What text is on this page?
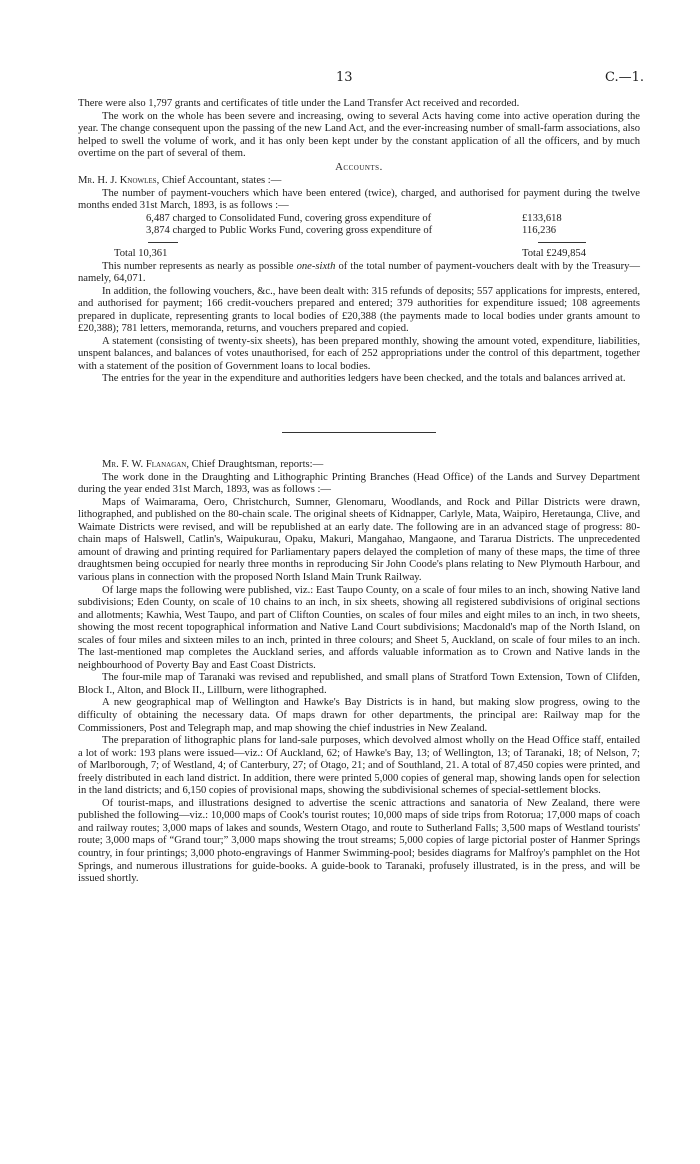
13	C.—1.

There were also 1,797 grants and certificates of title under the Land Transfer Act received and recorded.

The work on the whole has been severe and increasing, owing to several Acts having come into active operation during the year. The change consequent upon the passing of the new Land Act, and the ever-increasing number of small-farm associations, also helped to swell the volume of work, and it has only been kept under by the constant application of all the officers, and by much overtime on the part of several of them.

Accounts.

Mr. H. J. Knowles, Chief Accountant, states :—

The number of payment-vouchers which have been entered (twice), charged, and authorised for payment during the twelve months ended 31st March, 1893, is as follows :—

6,487 charged to Consolidated Fund, covering gross expenditure of	£133,618
3,874 charged to Public Works Fund, covering gross expenditure of	116,236
Total 10,361	Total £249,854

This number represents as nearly as possible one-sixth of the total number of payment-vouchers dealt with by the Treasury—namely, 64,071.

In addition, the following vouchers, &c., have been dealt with: 315 refunds of deposits; 557 applications for imprests, entered, and authorised for payment; 166 credit-vouchers prepared and entered; 379 authorities for expenditure issued; 108 agreements prepared in duplicate, representing grants to local bodies of £20,388 (the payments made to local bodies under grants amount to £20,388); 781 letters, memoranda, returns, and vouchers prepared and copied.

A statement (consisting of twenty-six sheets), has been prepared monthly, showing the amount voted, expenditure, liabilities, unspent balances, and balances of votes unauthorised, for each of 252 appropriations under the control of this department, together with a statement of the position of Government loans to local bodies.

The entries for the year in the expenditure and authorities ledgers have been checked, and the totals and balances arrived at.

Mr. F. W. Flanagan, Chief Draughtsman, reports:—

The work done in the Draughting and Lithographic Printing Branches (Head Office) of the Lands and Survey Department during the year ended 31st March, 1893, was as follows :—

Maps of Waimarama, Oero, Christchurch, Sumner, Glenomaru, Woodlands, and Rock and Pillar Districts were drawn, lithographed, and published on the 80-chain scale. The original sheets of Kidnapper, Carlyle, Mata, Waipiro, Heretaunga, Clive, and Waimate Districts were revised, and will be republished at an early date. The following are in an advanced stage of progress: 80-chain maps of Halswell, Catlin's, Waipukurau, Opaku, Makuri, Mangahao, Mangaone, and Tararua Districts. The unprecedented amount of drawing and printing required for Parliamentary papers delayed the completion of many of these maps, the time of three draughtsmen being occupied for nearly three months in reproducing Sir John Coode's plans relating to New Plymouth Harbour, and various plans in connection with the proposed North Island Main Trunk Railway.

Of large maps the following were published, viz.: East Taupo County, on a scale of four miles to an inch, showing Native land subdivisions; Eden County, on scale of 10 chains to an inch, in six sheets, showing all registered subdivisions of original sections and allotments; Kawhia, West Taupo, and part of Clifton Counties, on scales of four miles and eight miles to an inch, in two sheets, showing the most recent topographical information and Native Land Court subdivisions; Macdonald's map of the North Island, on scales of four miles and sixteen miles to an inch, printed in three colours; and Sheet 5, Auckland, on scale of four miles to an inch. The last-mentioned map completes the Auckland series, and affords valuable information as to Crown and Native lands in the neighbourhood of Poverty Bay and East Coast Districts.

The four-mile map of Taranaki was revised and republished, and small plans of Stratford Town Extension, Town of Clifden, Block I., Alton, and Block II., Lillburn, were lithographed.

A new geographical map of Wellington and Hawke's Bay Districts is in hand, but making slow progress, owing to the difficulty of obtaining the necessary data. Of maps drawn for other departments, the principal are: Railway map for the Commissioners, Post and Telegraph map, and map showing the chief industries in New Zealand.

The preparation of lithographic plans for land-sale purposes, which devolved almost wholly on the Head Office staff, entailed a lot of work: 193 plans were issued—viz.: Of Auckland, 62; of Hawke's Bay, 13; of Wellington, 13; of Taranaki, 18; of Nelson, 7; of Marlborough, 7; of Westland, 4; of Canterbury, 27; of Otago, 21; and of Southland, 21. A total of 87,450 copies were printed, and freely distributed in each land district. In addition, there were printed 5,000 copies of general map, showing lands open for selection in the land districts; and 6,150 copies of provisional maps, showing the subdivisional schemes of special-settlement blocks.

Of tourist-maps, and illustrations designed to advertise the scenic attractions and sanatoria of New Zealand, there were published the following—viz.: 10,000 maps of Cook's tourist routes; 10,000 maps of side trips from Rotorua; 17,000 maps of coach and railway routes; 3,000 maps of lakes and sounds, Western Otago, and route to Sutherland Falls; 3,500 maps of Westland tourists' route; 3,000 maps of “Grand tour;” 3,000 maps showing the trout streams; 5,000 copies of large pictorial poster of Hanmer Springs country, in four printings; 3,000 photo-engravings of Hanmer Swimming-pool; besides diagrams for Malfroy's pamphlet on the Hot Springs, and numerous illustrations for guide-books. A guide-book to Taranaki, profusely illustrated, is in the press, and will be issued shortly.
